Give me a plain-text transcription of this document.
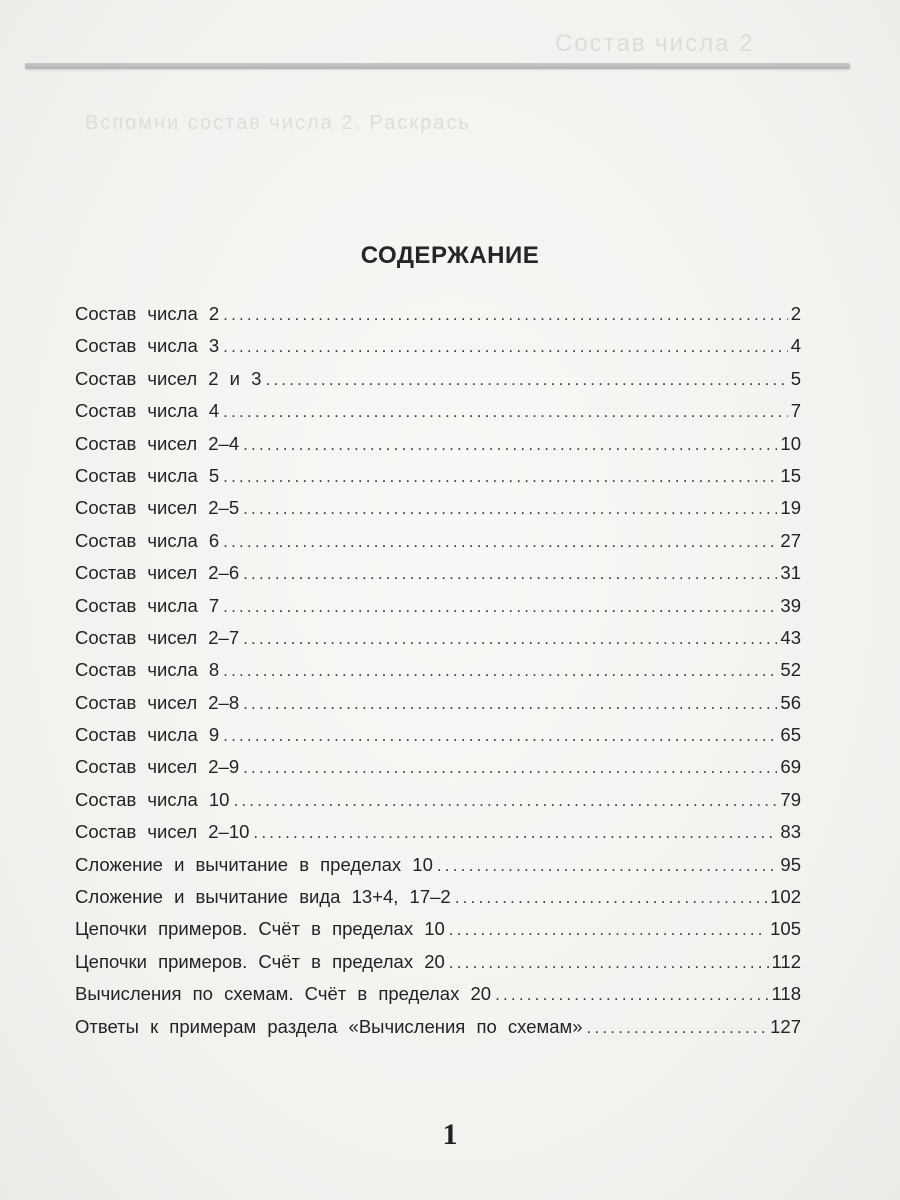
Состав числа 2
Вспомни состав числа 2. Раскрась
СОДЕРЖАНИЕ
Состав числа 2 .....	2
Состав числа 3 .....	4
Состав чисел 2 и 3 .....	5
Состав числа 4 .....	7
Состав чисел 2–4 .....	10
Состав числа 5 .....	15
Состав чисел 2–5 .....	19
Состав числа 6 .....	27
Состав чисел 2–6 .....	31
Состав числа 7 .....	39
Состав чисел 2–7 .....	43
Состав числа 8 .....	52
Состав чисел 2–8 .....	56
Состав числа 9 .....	65
Состав чисел 2–9 .....	69
Состав числа 10 .....	79
Состав чисел 2–10 .....	83
Сложение и вычитание в пределах 10 .....	95
Сложение и вычитание вида 13+4, 17–2 .....	102
Цепочки примеров. Счёт в пределах 10 .....	105
Цепочки примеров. Счёт в пределах 20 .....	112
Вычисления по схемам. Счёт в пределах 20 .....	118
Ответы к примерам раздела «Вычисления по схемам» .....	127
1
